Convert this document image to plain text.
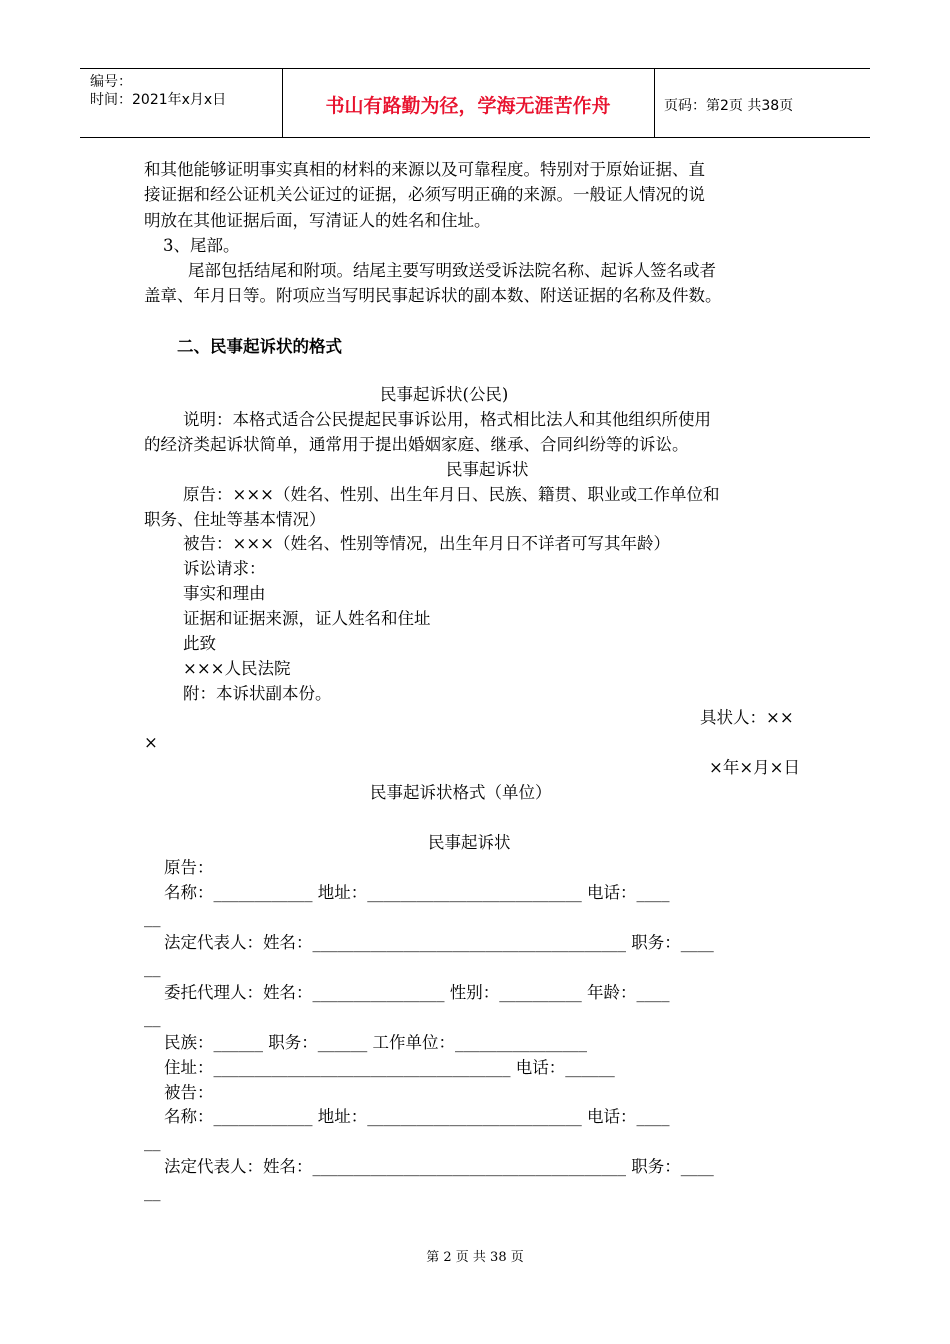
编号：
时间：2021年x月x日	书山有路勤为径，学海无涯苦作舟	页码：第2页 共38页
和其他能够证明事实真相的材料的来源以及可靠程度。特别对于原始证据、直
接证据和经公证机关公证过的证据，必须写明正确的来源。一般证人情况的说
明放在其他证据后面，写清证人的姓名和住址。
3、尾部。
尾部包括结尾和附项。结尾主要写明致送受诉法院名称、起诉人签名或者
盖章、年月日等。附项应当写明民事起诉状的副本数、附送证据的名称及件数。
二、民事起诉状的格式
民事起诉状(公民)
说明：本格式适合公民提起民事诉讼用，格式相比法人和其他组织所使用
的经济类起诉状简单，通常用于提出婚姻家庭、继承、合同纠纷等的诉讼。
民事起诉状
原告：×××（姓名、性别、出生年月日、民族、籍贯、职业或工作单位和
职务、住址等基本情况）
被告：×××（姓名、性别等情况，出生年月日不详者可写其年龄）
诉讼请求：
事实和理由
证据和证据来源，证人姓名和住址
此致
×××人民法院
附：本诉状副本份。
具状人：××
×
×年×月×日
民事起诉状格式（单位）
民事起诉状
原告：
名称：____________ 地址：__________________________ 电话：____
__
法定代表人：姓名：______________________________________ 职务：____
__
委托代理人：姓名：________________ 性别：__________ 年龄：____
__
民族：______ 职务：______ 工作单位：________________
住址：____________________________________ 电话：______
被告：
名称：____________ 地址：__________________________ 电话：____
__
法定代表人：姓名：______________________________________ 职务：____
__
第 2 页 共 38 页
